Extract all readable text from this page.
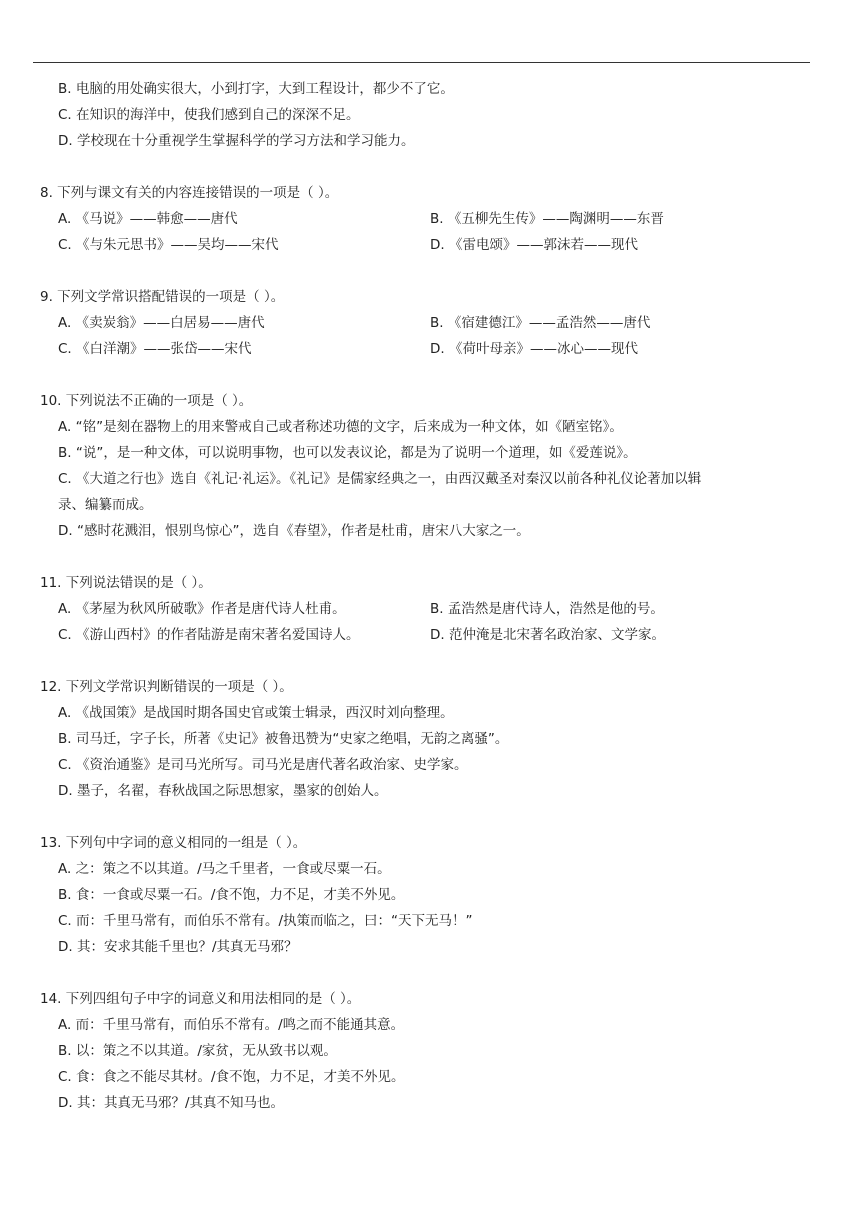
B. 电脑的用处确实很大，小到打字，大到工程设计，都少不了它。
C. 在知识的海洋中，使我们感到自己的深深不足。
D. 学校现在十分重视学生掌握科学的学习方法和学习能力。
8. 下列与课文有关的内容连接错误的一项是（ ）。
A. 《马说》——韩愈——唐代	B. 《五柳先生传》——陶渊明——东晋
C. 《与朱元思书》——吴均——宋代	D. 《雷电颂》——郭沫若——现代
9. 下列文学常识搭配错误的一项是（ ）。
A. 《卖炭翁》——白居易——唐代	B. 《宿建德江》——孟浩然——唐代
C. 《白洋潮》——张岱——宋代	D. 《荷叶母亲》——冰心——现代
10. 下列说法不正确的一项是（ ）。
A. “铭”是刻在器物上的用来警戒自己或者称述功德的文字，后来成为一种文体，如《陋室铭》。
B. “说”，是一种文体，可以说明事物，也可以发表议论，都是为了说明一个道理，如《爱莲说》。
C. 《大道之行也》选自《礼记·礼运》。《礼记》是儒家经典之一，由西汉戴圣对秦汉以前各种礼仪论著加以辑
录、编纂而成。
D. “感时花溅泪，恨别鸟惊心”，选自《春望》，作者是杜甫，唐宋八大家之一。
11. 下列说法错误的是（ ）。
A. 《茅屋为秋风所破歌》作者是唐代诗人杜甫。	B. 孟浩然是唐代诗人，浩然是他的号。
C. 《游山西村》的作者陆游是南宋著名爱国诗人。	D. 范仲淹是北宋著名政治家、文学家。
12. 下列文学常识判断错误的一项是（ ）。
A. 《战国策》是战国时期各国史官或策士辑录，西汉时刘向整理。
B. 司马迁，字子长，所著《史记》被鲁迅赞为“史家之绝唱，无韵之离骚”。
C. 《资治通鉴》是司马光所写。司马光是唐代著名政治家、史学家。
D. 墨子，名翟，春秋战国之际思想家，墨家的创始人。
13. 下列句中字词的意义相同的一组是（ ）。
A. 之：策之不以其道。/马之千里者，一食或尽粟一石。
B. 食：一食或尽粟一石。/食不饱，力不足，才美不外见。
C. 而：千里马常有，而伯乐不常有。/执策而临之，曰：“天下无马！”
D. 其：安求其能千里也？/其真无马邪？
14. 下列四组句子中字的词意义和用法相同的是（ ）。
A. 而：千里马常有，而伯乐不常有。/鸣之而不能通其意。
B. 以：策之不以其道。/家贫，无从致书以观。
C. 食：食之不能尽其材。/食不饱，力不足，才美不外见。
D. 其：其真无马邪？/其真不知马也。
